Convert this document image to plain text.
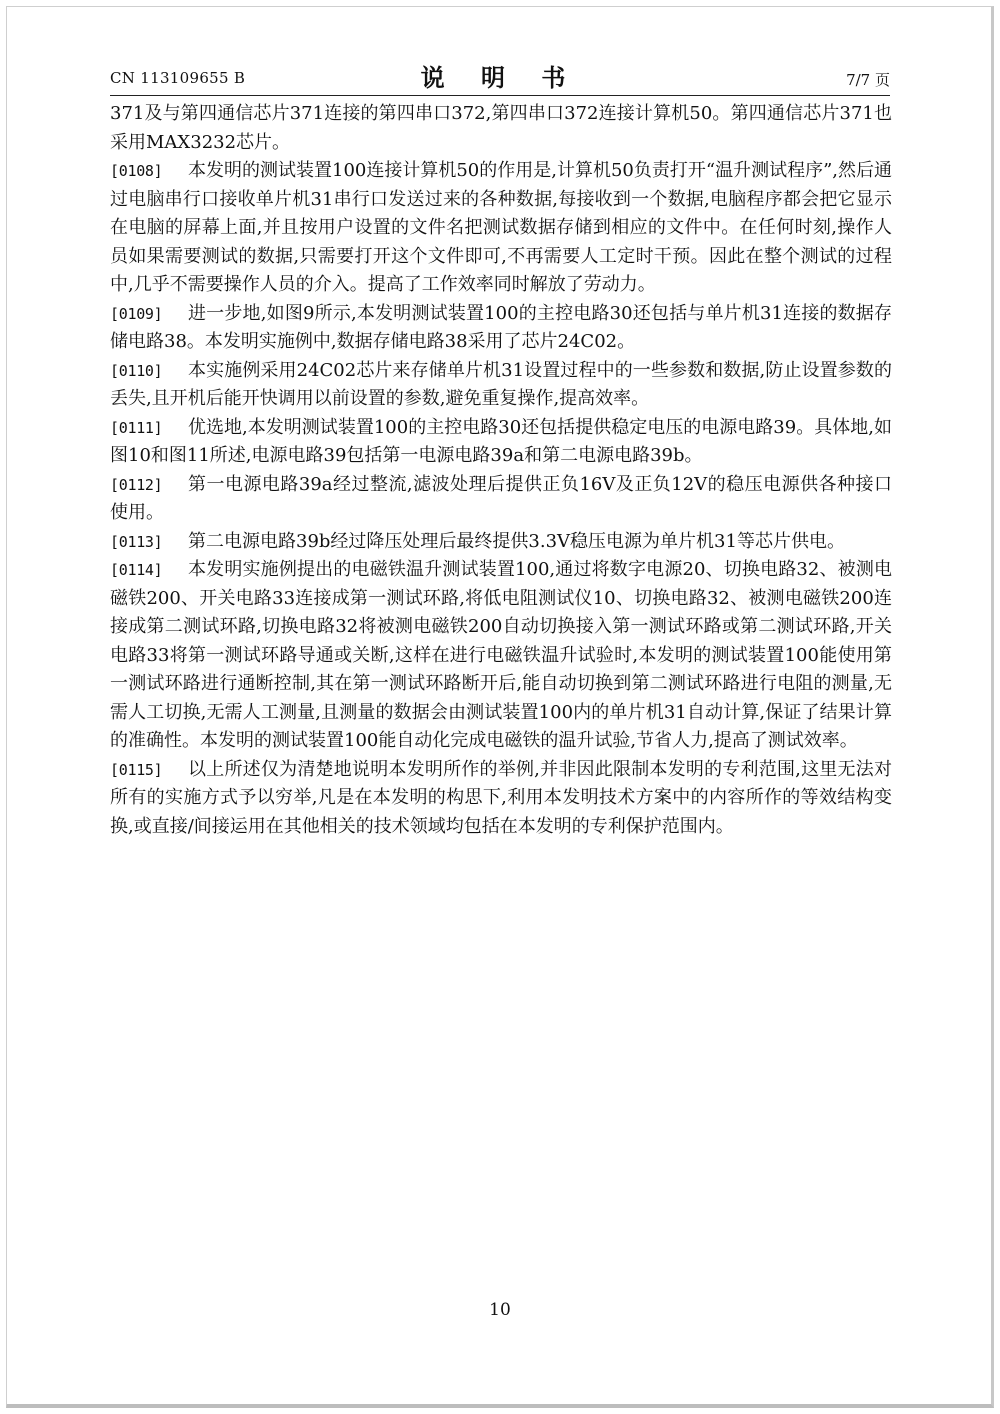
CN 113109655 B	说 明 书	7/7 页
371及与第四通信芯片371连接的第四串口372,第四串口372连接计算机50。第四通信芯片371也采用MAX3232芯片。
[0108]	本发明的测试装置100连接计算机50的作用是,计算机50负责打开“温升测试程序”,然后通过电脑串行口接收单片机31串行口发送过来的各种数据,每接收到一个数据,电脑程序都会把它显示在电脑的屏幕上面,并且按用户设置的文件名把测试数据存储到相应的文件中。在任何时刻,操作人员如果需要测试的数据,只需要打开这个文件即可,不再需要人工定时干预。因此在整个测试的过程中,几乎不需要操作人员的介入。提高了工作效率同时解放了劳动力。
[0109]	进一步地,如图9所示,本发明测试装置100的主控电路30还包括与单片机31连接的数据存储电路38。本发明实施例中,数据存储电路38采用了芯片24C02。
[0110]	本实施例采用24C02芯片来存储单片机31设置过程中的一些参数和数据,防止设置参数的丢失,且开机后能开快调用以前设置的参数,避免重复操作,提高效率。
[0111]	优选地,本发明测试装置100的主控电路30还包括提供稳定电压的电源电路39。具体地,如图10和图11所述,电源电路39包括第一电源电路39a和第二电源电路39b。
[0112]	第一电源电路39a经过整流,滤波处理后提供正负16V及正负12V的稳压电源供各种接口使用。
[0113]	第二电源电路39b经过降压处理后最终提供3.3V稳压电源为单片机31等芯片供电。
[0114]	本发明实施例提出的电磁铁温升测试装置100,通过将数字电源20、切换电路32、被测电磁铁200、开关电路33连接成第一测试环路,将低电阻测试仪10、切换电路32、被测电磁铁200连接成第二测试环路,切换电路32将被测电磁铁200自动切换接入第一测试环路或第二测试环路,开关电路33将第一测试环路导通或关断,这样在进行电磁铁温升试验时,本发明的测试装置100能使用第一测试环路进行通断控制,其在第一测试环路断开后,能自动切换到第二测试环路进行电阻的测量,无需人工切换,无需人工测量,且测量的数据会由测试装置100内的单片机31自动计算,保证了结果计算的准确性。本发明的测试装置100能自动化完成电磁铁的温升试验,节省人力,提高了测试效率。
[0115]	以上所述仅为清楚地说明本发明所作的举例,并非因此限制本发明的专利范围,这里无法对所有的实施方式予以穷举,凡是在本发明的构思下,利用本发明技术方案中的内容所作的等效结构变换,或直接/间接运用在其他相关的技术领域均包括在本发明的专利保护范围内。
10
